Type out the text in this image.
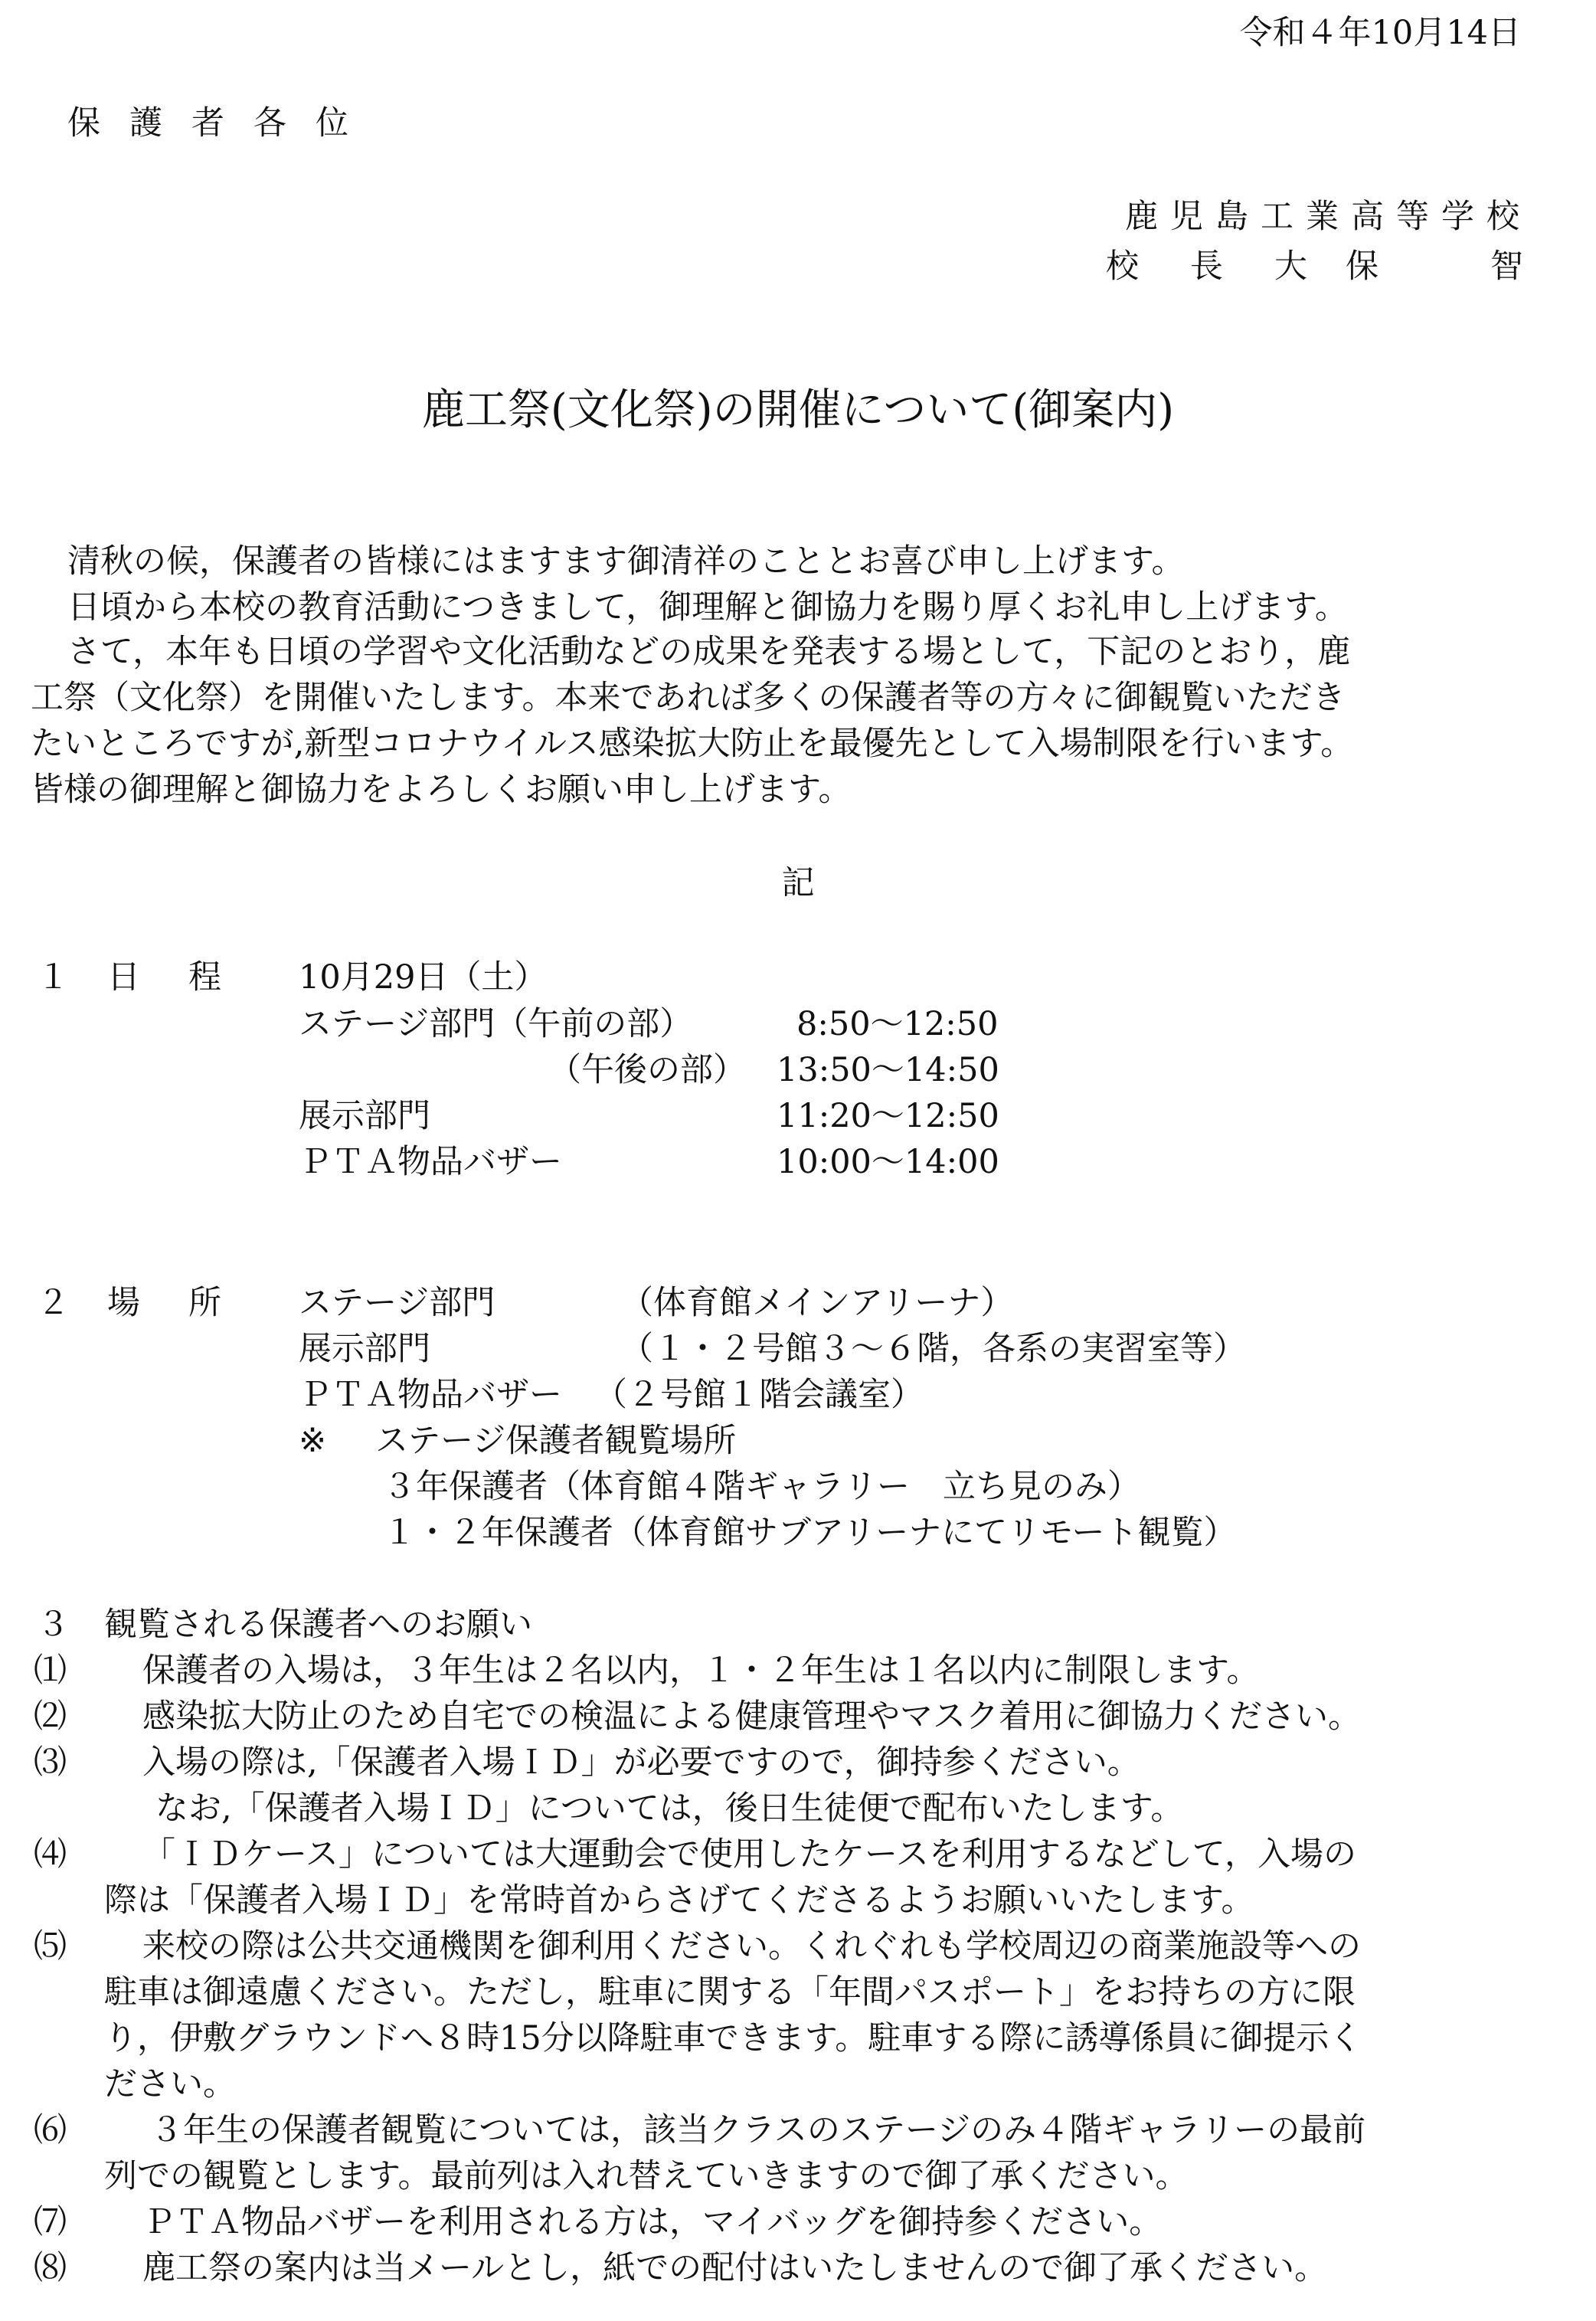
令和４年10月14日
保護者各位
鹿児島工業高等学校
校 長 大保 智
鹿工祭(文化祭)の開催について(御案内)
清秋の候，保護者の皆様にはますます御清祥のこととお喜び申し上げます。
日頃から本校の教育活動につきまして，御理解と御協力を賜り厚くお礼申し上げます。
さて，本年も日頃の学習や文化活動などの成果を発表する場として，下記のとおり，鹿
工祭（文化祭）を開催いたします。本来であれば多くの保護者等の方々に御観覧いただき
たいところですが,新型コロナウイルス感染拡大防止を最優先として入場制限を行います。
皆様の御理解と御協力をよろしくお願い申し上げます。
記
１ 日　程 10月29日（土）
ステージ部門（午前の部）	8:50～12:50
（午後の部） 13:50～14:50
展示部門	11:20～12:50
ＰＴＡ物品バザー	10:00～14:00
２ 場　所 ステージ部門	（体育館メインアリーナ）
展示部門	（１・２号館３～６階，各系の実習室等）
ＰＴＡ物品バザー （２号館１階会議室）
※ ステージ保護者観覧場所
３年保護者（体育館４階ギャラリー　立ち見のみ）
１・２年保護者（体育館サブアリーナにてリモート観覧）
３ 観覧される保護者へのお願い
⑴ 保護者の入場は，３年生は２名以内，１・２年生は１名以内に制限します。
⑵ 感染拡大防止のため自宅での検温による健康管理やマスク着用に御協力ください。
⑶ 入場の際は,「保護者入場ＩＤ」が必要ですので，御持参ください。
　なお,「保護者入場ＩＤ」については，後日生徒便で配布いたします。
⑷ 「ＩＤケース」については大運動会で使用したケースを利用するなどして，入場の
際は「保護者入場ＩＤ」を常時首からさげてくださるようお願いいたします。
⑸ 来校の際は公共交通機関を御利用ください。くれぐれも学校周辺の商業施設等への
駐車は御遠慮ください。ただし，駐車に関する「年間パスポート」をお持ちの方に限
り，伊敷グラウンドへ８時15分以降駐車できます。駐車する際に誘導係員に御提示く
ださい。
⑹	３年生の保護者観覧については，該当クラスのステージのみ４階ギャラリーの最前
列での観覧とします。最前列は入れ替えていきますので御了承ください。
⑺ ＰＴＡ物品バザーを利用される方は，マイバッグを御持参ください。
⑻ 鹿工祭の案内は当メールとし，紙での配付はいたしませんので御了承ください。
